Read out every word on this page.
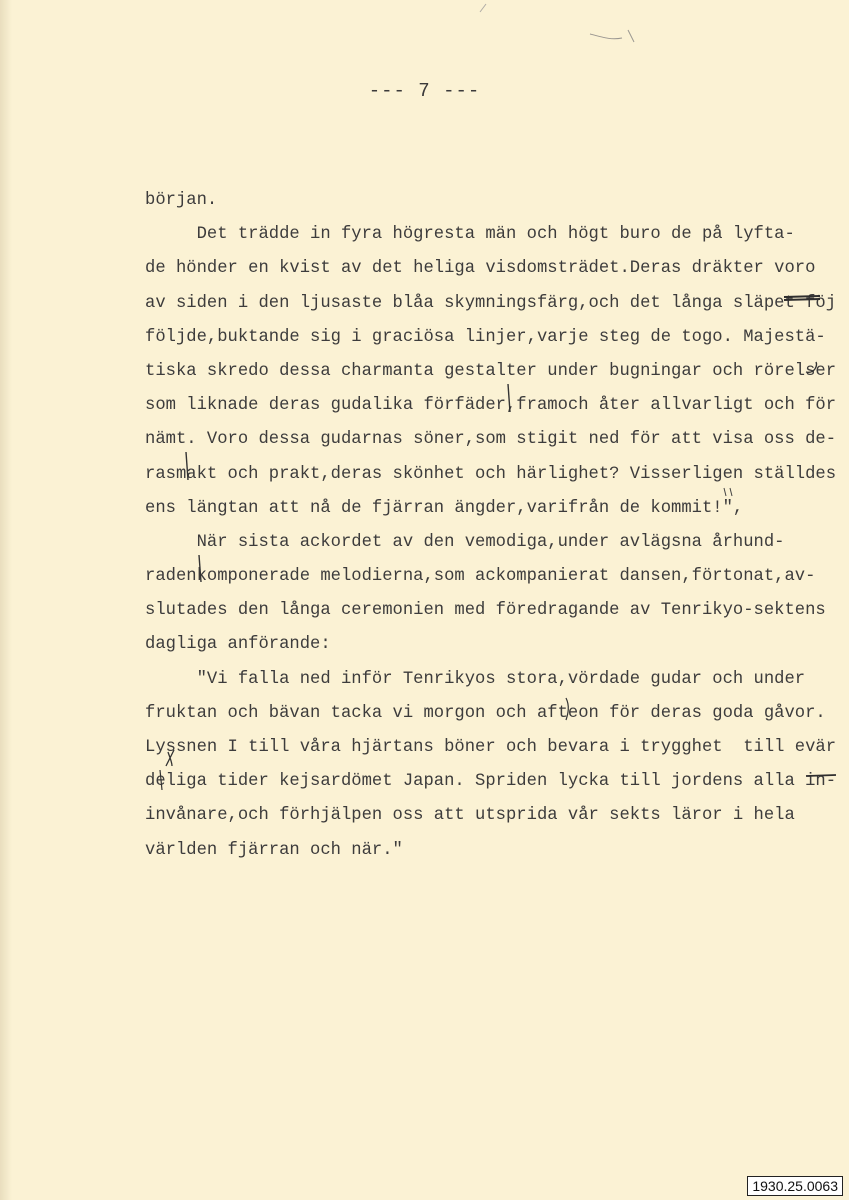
--- 7 ---
början.
Det trädde in fyra högresta män och högt buro de på lyfta-
de hönder en kvist av det heliga visdomsträdet.Deras dräkter voro
av siden i den ljusaste blåa skymningsfärg,och det långa släpet föj
följde,buktande sig i graciösa linjer,varje steg de togo. Majestä-
tiska skredo dessa charmanta gestalter under bugningar och rörelser
som liknade deras gudalika förfäder,framoch åter allvarligt och för
nämt. Voro dessa gudarnas söner,som stigit ned för att visa oss de-
rasmakt och prakt,deras skönhet och härlighet? Visserligen ställdes
ens längtan att nå de fjärran ängder,varifrån de kommit!",
När sista ackordet av den vemodiga,under avlägsna århund-
radenkomponerade melodierna,som ackompanierat dansen,förtonat,av-
slutades den långa ceremonien med föredragande av Tenrikyo-sektens
dagliga anförande:
"Vi falla ned inför Tenrikyos stora,vördade gudar och under
fruktan och bävan tacka vi morgon och afteon för deras goda gåvor.
Lyssnen I till våra hjärtans böner och bevara i trygghet  till evär
deliga tider kejsardömet Japan. Spriden lycka till jordens alla in-
invånare,och förhjälpen oss att utsprida vår sekts läror i hela
världen fjärran och när."
1930.25.0063
